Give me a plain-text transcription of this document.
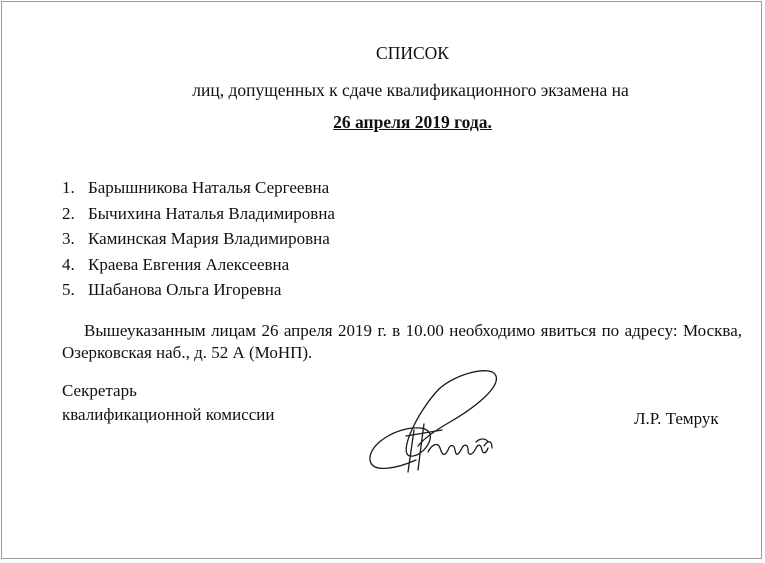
СПИСОК
лиц, допущенных к сдаче квалификационного экзамена на
26 апреля 2019 года.
1. Барышникова Наталья Сергеевна
2. Бычихина Наталья Владимировна
3. Каминская Мария Владимировна
4. Краева Евгения Алексеевна
5. Шабанова Ольга Игоревна
Вышеуказанным лицам 26 апреля 2019 г. в 10.00 необходимо явиться по адресу: Москва, Озерковская наб., д. 52 А (МоНП).
Секретарь
квалификационной комиссии	Л.Р. Темрук
